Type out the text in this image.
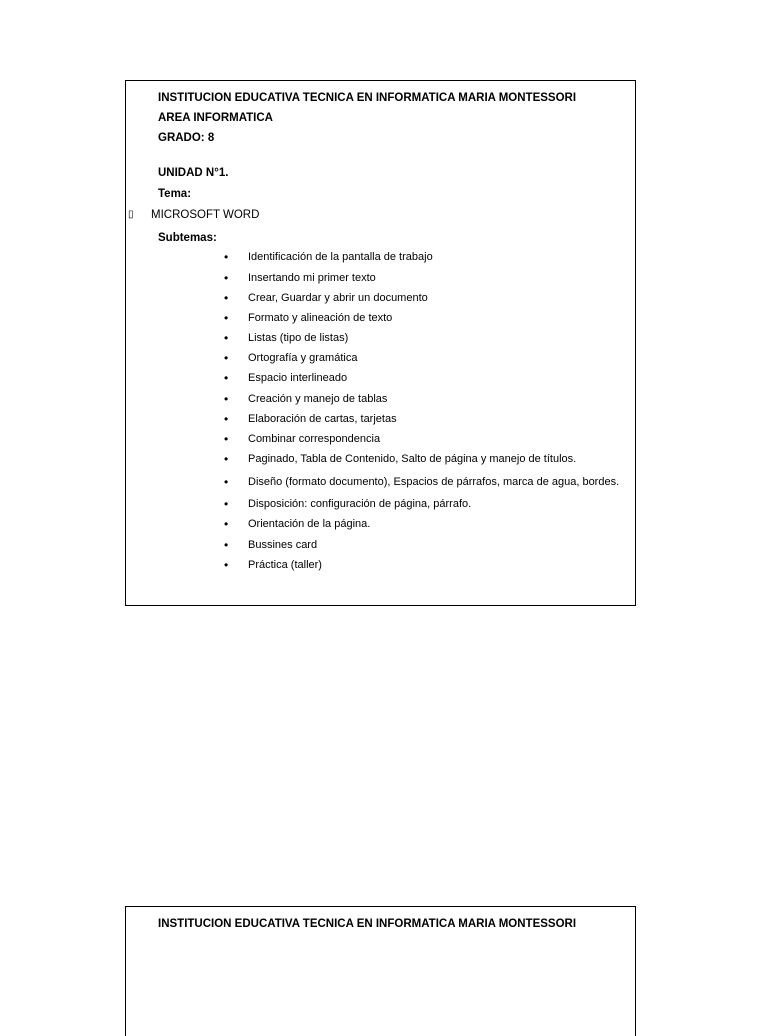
INSTITUCION EDUCATIVA TECNICA EN INFORMATICA MARIA MONTESSORI
AREA INFORMATICA
GRADO: 8
UNIDAD N°1.
Tema:
▯ MICROSOFT WORD
Subtemas:
• Identificación de la pantalla de trabajo
• Insertando mi primer texto
• Crear, Guardar y abrir un documento
• Formato y alineación de texto
• Listas (tipo de listas)
• Ortografía y gramática
• Espacio interlineado
• Creación y manejo de tablas
• Elaboración de cartas, tarjetas
• Combinar correspondencia
• Paginado, Tabla de Contenido, Salto de página y manejo de títulos.
• Diseño (formato documento), Espacios de párrafos, marca de agua, bordes.
• Disposición: configuración de página, párrafo.
• Orientación de la página.
• Bussines card
• Práctica (taller)
INSTITUCION EDUCATIVA TECNICA EN INFORMATICA MARIA MONTESSORI
